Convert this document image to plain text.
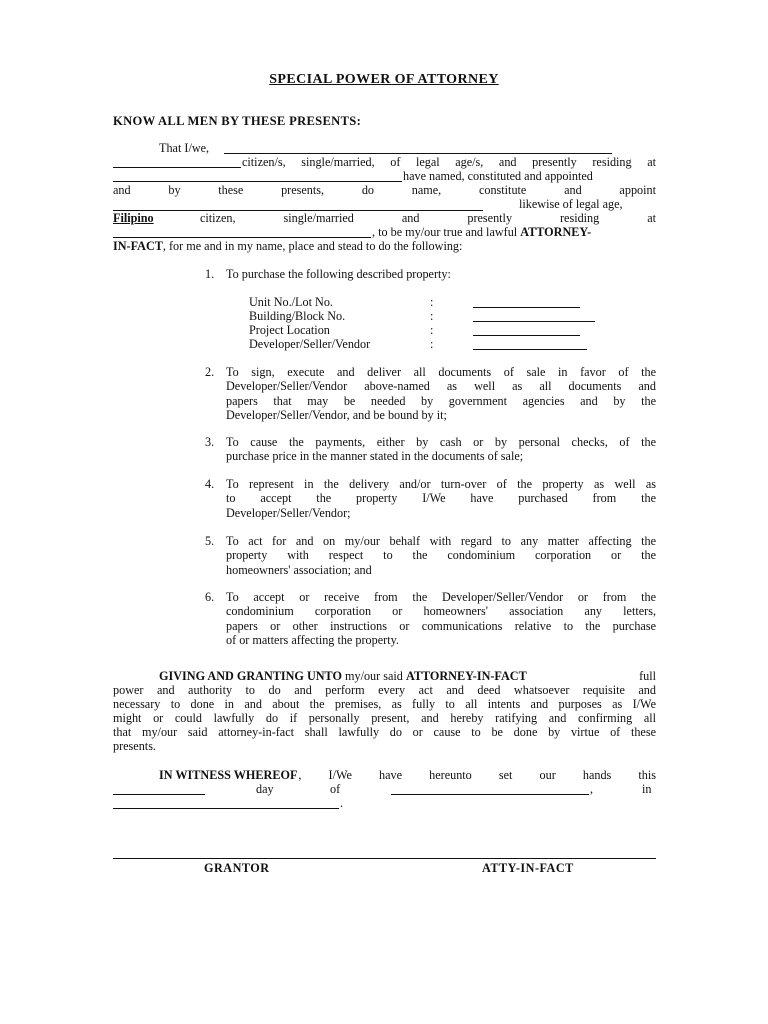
SPECIAL POWER OF ATTORNEY
KNOW ALL MEN BY THESE PRESENTS:
That I/we,
citizen/s, single/married, of legal age/s, and presently residing at
have named, constituted and appointed
and by these presents, do name, constitute and appoint
likewise of legal age,
Filipino	citizen, single/married and presently residing at
, to be my/our true and lawful ATTORNEY-
IN-FACT, for me and in my name, place and stead to do the following:
1. To purchase the following described property:
Unit No./Lot No.	:
Building/Block No.	:
Project Location	:
Developer/Seller/Vendor	:
2. To sign, execute and deliver all documents of sale in favor of the
Developer/Seller/Vendor above-named as well as all documents and
papers that may be needed by government agencies and by the
Developer/Seller/Vendor, and be bound by it;
3. To cause the payments, either by cash or by personal checks, of the
purchase price in the manner stated in the documents of sale;
4. To represent in the delivery and/or turn-over of the property as well as
to accept the property I/We have purchased from the
Developer/Seller/Vendor;
5. To act for and on my/our behalf with regard to any matter affecting the
property with respect to the condominium corporation or the
homeowners' association; and
6. To accept or receive from the Developer/Seller/Vendor or from the
condominium corporation or homeowners' association any letters,
papers or other instructions or communications relative to the purchase
of or matters affecting the property.
GIVING AND GRANTING UNTO my/our said ATTORNEY-IN-FACT	full
power and authority to do and perform every act and deed whatsoever requisite and
necessary to done in and about the premises, as fully to all intents and purposes as I/We
might or could lawfully do if personally present, and hereby ratifying and confirming all
that my/our said attorney-in-fact shall lawfully do or cause to be done by virtue of these
presents.
IN WITNESS WHEREOF , I/We have hereunto set our hands this
day	of	,	in
.
GRANTOR	ATTY-IN-FACT
